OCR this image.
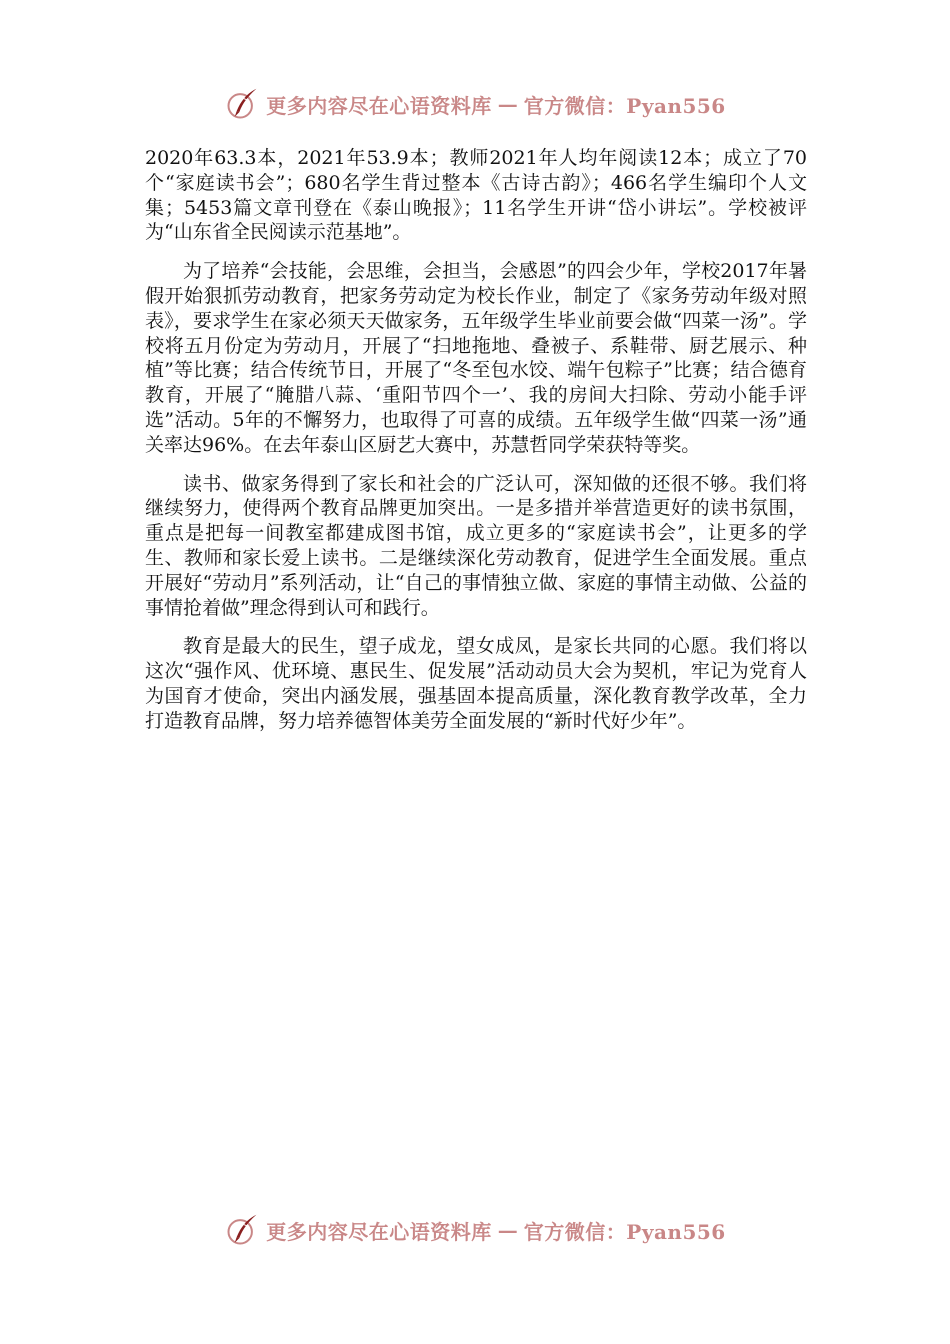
更多内容尽在心语资料库 — 官方微信：Pyan556

2020年63.3本，2021年53.9本；教师2021年人均年阅读12本；成立了70个“家庭读书会”；680名学生背过整本《古诗古韵》；466名学生编印个人文集；5453篇文章刊登在《泰山晚报》；11名学生开讲“岱小讲坛”。学校被评为“山东省全民阅读示范基地”。

为了培养“会技能，会思维，会担当，会感恩”的四会少年，学校2017年暑假开始狠抓劳动教育，把家务劳动定为校长作业，制定了《家务劳动年级对照表》，要求学生在家必须天天做家务，五年级学生毕业前要会做“四菜一汤”。学校将五月份定为劳动月，开展了“扫地拖地、叠被子、系鞋带、厨艺展示、种植”等比赛；结合传统节日，开展了“冬至包水饺、端午包粽子”比赛；结合德育教育，开展了“腌腊八蒜、‘重阳节四个一’、我的房间大扫除、劳动小能手评选”活动。5年的不懈努力，也取得了可喜的成绩。五年级学生做“四菜一汤”通关率达96%。在去年泰山区厨艺大赛中，苏慧哲同学荣获特等奖。

读书、做家务得到了家长和社会的广泛认可，深知做的还很不够。我们将继续努力，使得两个教育品牌更加突出。一是多措并举营造更好的读书氛围，重点是把每一间教室都建成图书馆，成立更多的“家庭读书会”，让更多的学生、教师和家长爱上读书。二是继续深化劳动教育，促进学生全面发展。重点开展好“劳动月”系列活动，让“自己的事情独立做、家庭的事情主动做、公益的事情抢着做”理念得到认可和践行。

教育是最大的民生，望子成龙，望女成凤，是家长共同的心愿。我们将以这次“强作风、优环境、惠民生、促发展”活动动员大会为契机，牢记为党育人为国育才使命，突出内涵发展，强基固本提高质量，深化教育教学改革，全力打造教育品牌，努力培养德智体美劳全面发展的“新时代好少年”。

更多内容尽在心语资料库 — 官方微信：Pyan556
